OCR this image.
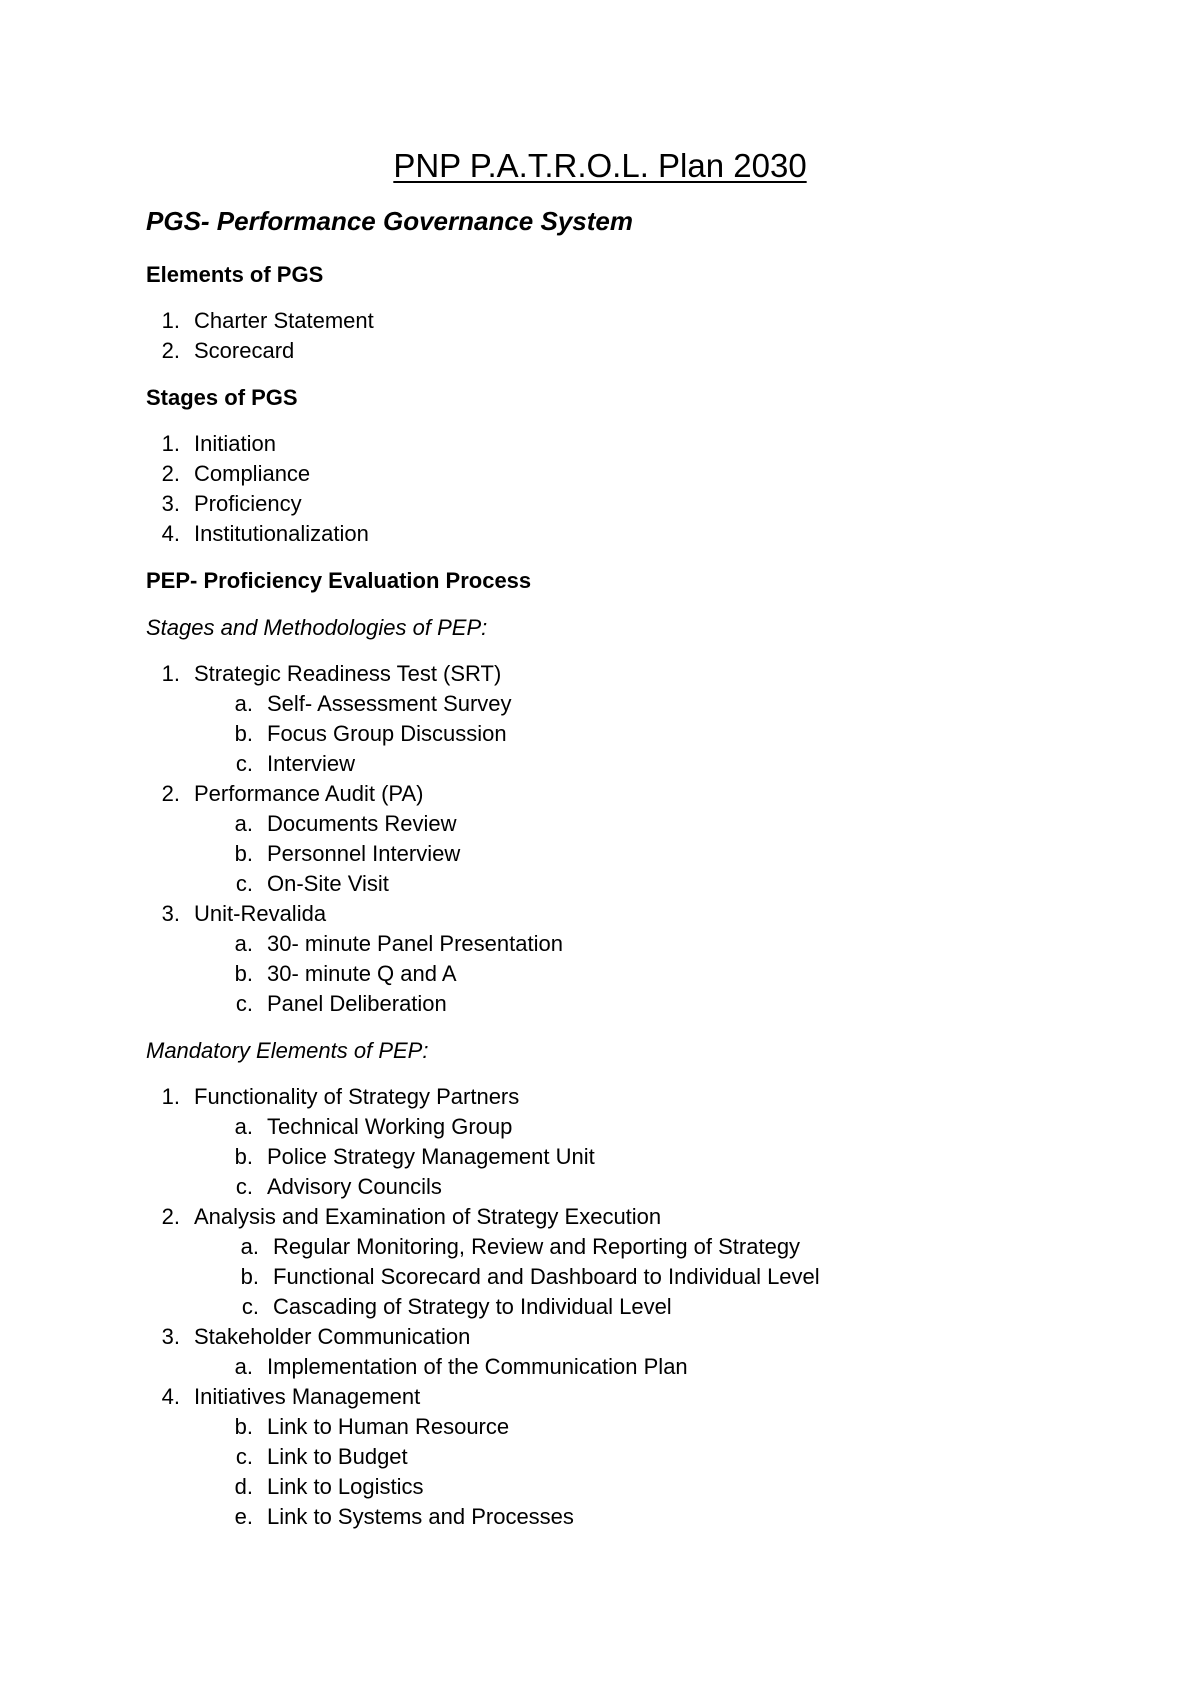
PNP P.A.T.R.O.L. Plan 2030
PGS- Performance Governance System
Elements of PGS
1. Charter Statement
2. Scorecard
Stages of PGS
1. Initiation
2. Compliance
3. Proficiency
4. Institutionalization
PEP- Proficiency Evaluation Process

Stages and Methodologies of PEP:

1. Strategic Readiness Test (SRT)
a. Self- Assessment Survey
b. Focus Group Discussion
c. Interview
2. Performance Audit (PA)
a. Documents Review
b. Personnel Interview
c. On-Site Visit
3. Unit-Revalida
a. 30- minute Panel Presentation
b. 30- minute Q and A
c. Panel Deliberation

Mandatory Elements of PEP:

1. Functionality of Strategy Partners
a. Technical Working Group
b. Police Strategy Management Unit
c. Advisory Councils
2. Analysis and Examination of Strategy Execution
a. Regular Monitoring, Review and Reporting of Strategy
b. Functional Scorecard and Dashboard to Individual Level
c. Cascading of Strategy to Individual Level
3. Stakeholder Communication
a. Implementation of the Communication Plan
4. Initiatives Management
b. Link to Human Resource
c. Link to Budget
d. Link to Logistics
e. Link to Systems and Processes
